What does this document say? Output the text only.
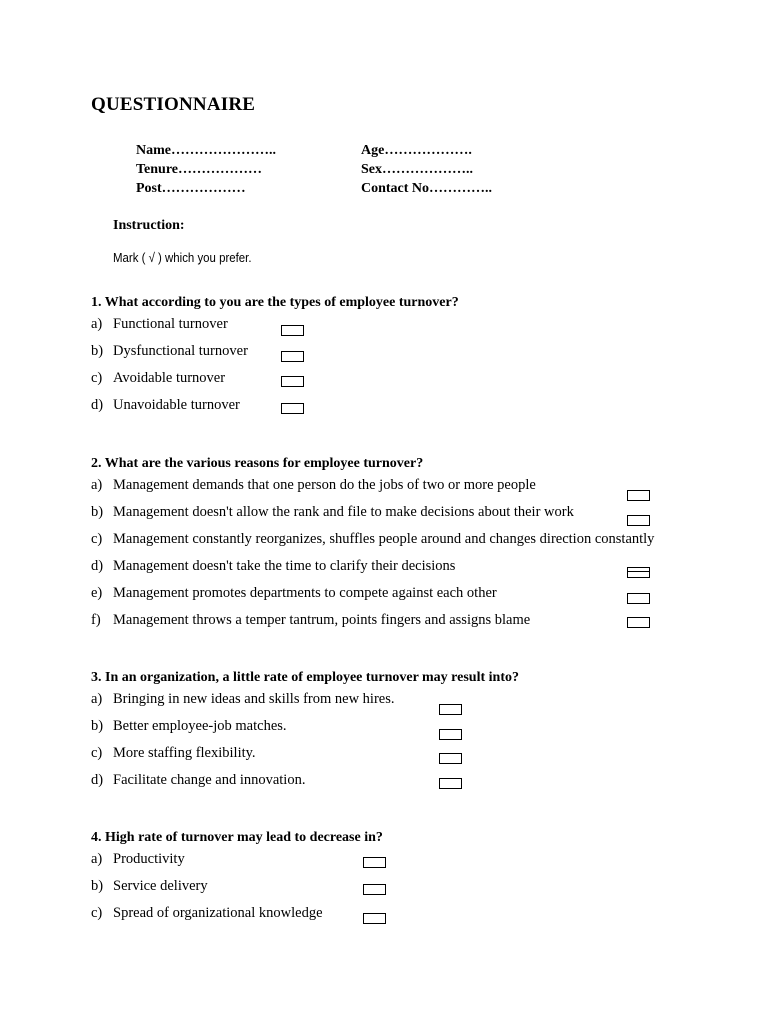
QUESTIONNAIRE
Name…………………..
Tenure………………
Post………………
Age……………….
Sex………………..
Contact No…………..
Instruction:
Mark ( √ ) which you prefer.
1. What according to you are the types of employee turnover?
a) Functional turnover
b) Dysfunctional turnover
c) Avoidable turnover
d) Unavoidable turnover
2. What are the various reasons for employee turnover?
a) Management demands that one person do the jobs of two or more people
b) Management doesn't allow the rank and file to make decisions about their work
c) Management constantly reorganizes, shuffles people around and changes direction constantly
d) Management doesn't take the time to clarify their decisions
e) Management promotes departments to compete against each other
f) Management throws a temper tantrum, points fingers and assigns blame
3. In an organization, a little rate of employee turnover may result into?
a) Bringing in new ideas and skills from new hires.
b) Better employee-job matches.
c) More staffing flexibility.
d) Facilitate change and innovation.
4. High rate of turnover may lead to decrease in?
a) Productivity
b) Service delivery
c) Spread of organizational knowledge
